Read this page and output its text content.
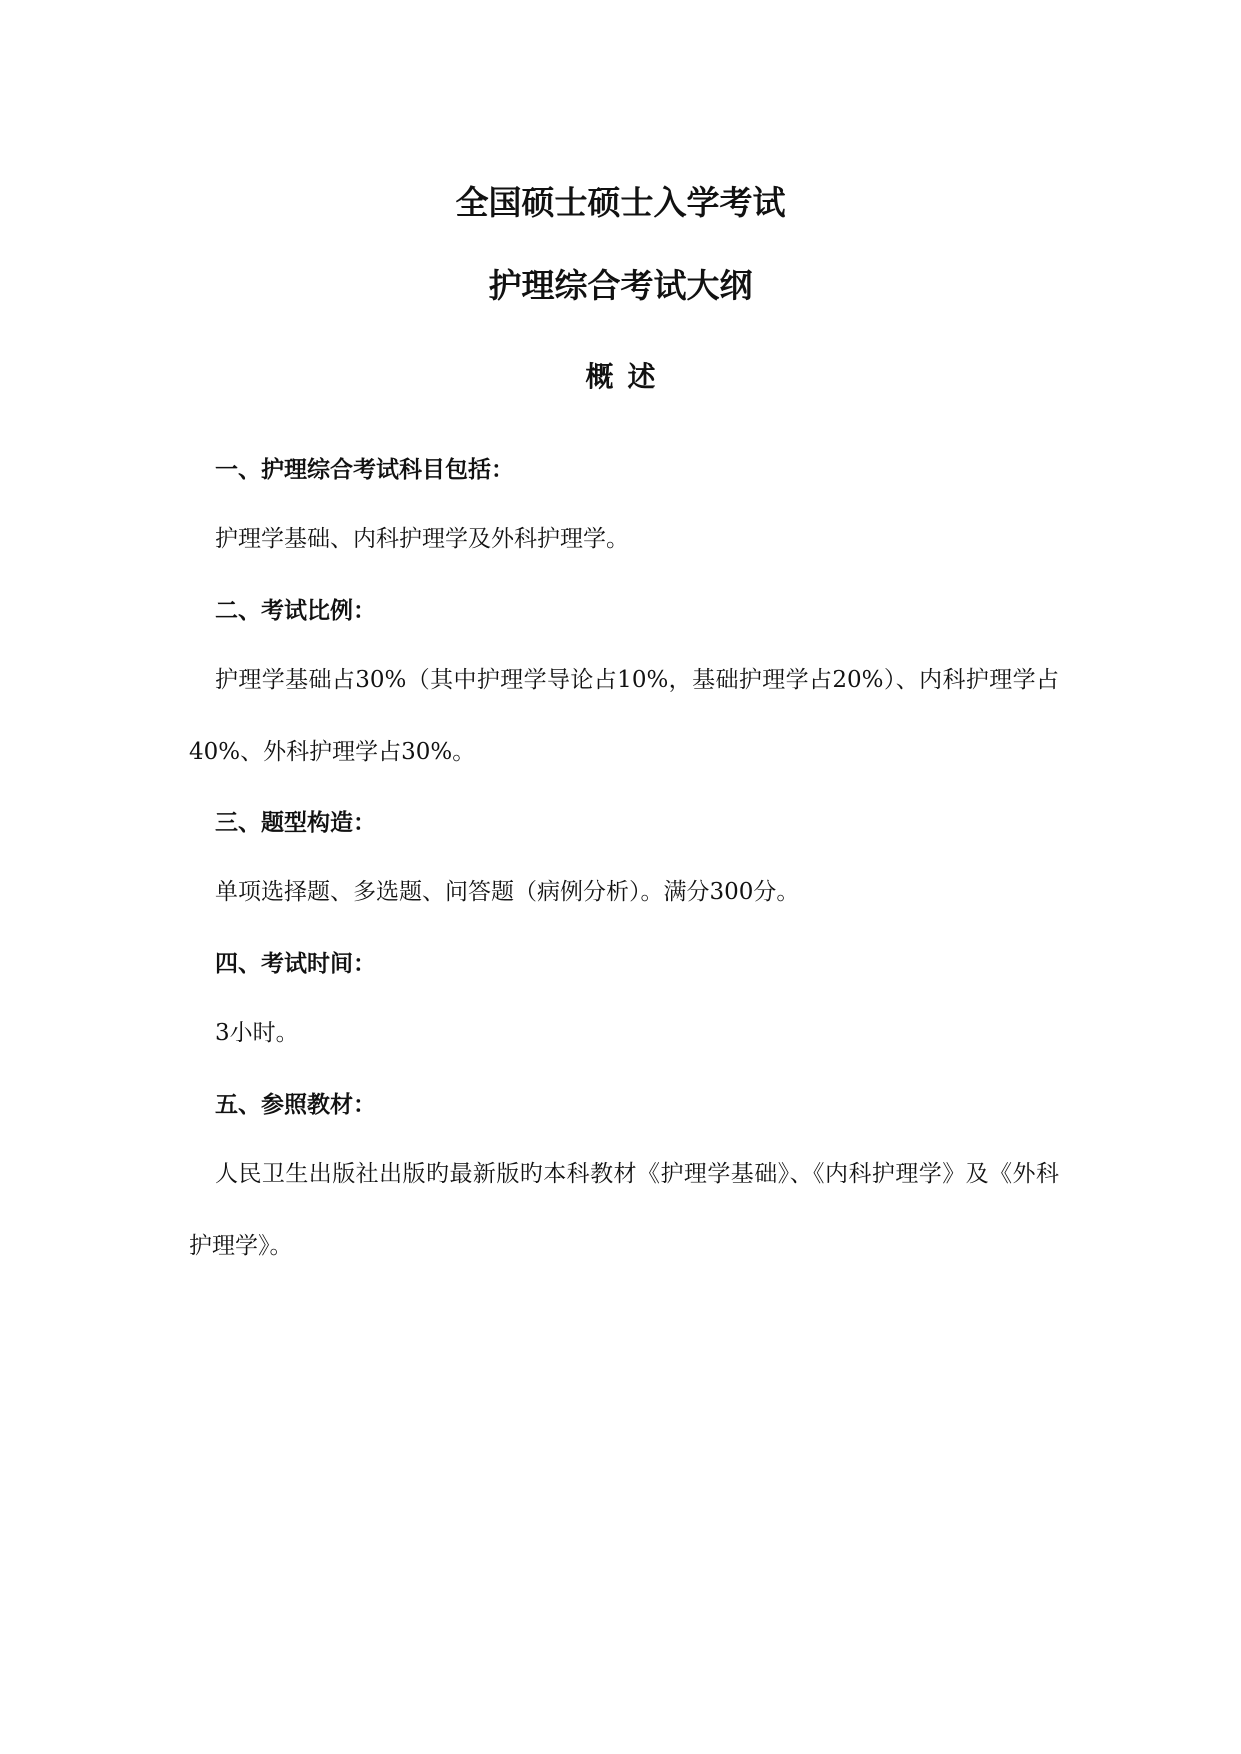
全国硕士硕士入学考试
护理综合考试大纲
概述
一、护理综合考试科目包括：

护理学基础、内科护理学及外科护理学。

二、考试比例：

护理学基础占30%（其中护理学导论占10%，基础护理学占20%）、内科护理学占40%、外科护理学占30%。

三、题型构造：

单项选择题、多选题、问答题（病例分析）。满分300分。

四、考试时间：

3小时。

五、参照教材：

人民卫生出版社出版旳最新版旳本科教材《护理学基础》、《内科护理学》及《外科护理学》。
